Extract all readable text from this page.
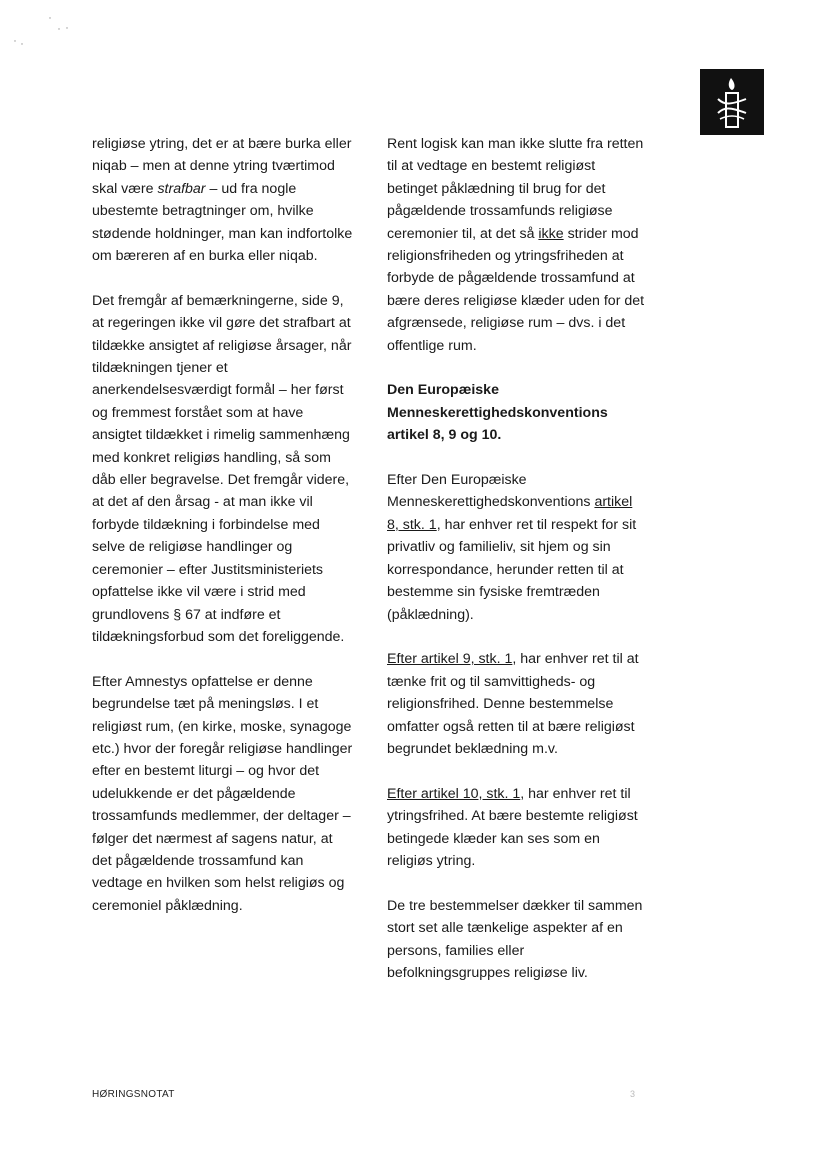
religiøse ytring, det er at bære burka eller niqab – men at denne ytring tværtimod skal være strafbar – ud fra nogle ubestemte betragtninger om, hvilke stødende holdninger, man kan indfortolke om bæreren af en burka eller niqab.

Det fremgår af bemærkningerne, side 9, at regeringen ikke vil gøre det strafbart at tildække ansigtet af religiøse årsager, når tildækningen tjener et anerkendelsesværdigt formål – her først og fremmest forstået som at have ansigtet tildækket i rimelig sammenhæng med konkret religiøs handling, så som dåb eller begravelse. Det fremgår videre, at det af den årsag - at man ikke vil forbyde tildækning i forbindelse med selve de religiøse handlinger og ceremonier – efter Justitsministeriets opfattelse ikke vil være i strid med grundlovens § 67 at indføre et tildækningsforbud som det foreliggende.

Efter Amnestys opfattelse er denne begrundelse tæt på meningsløs. I et religiøst rum, (en kirke, moske, synagoge etc.) hvor der foregår religiøse handlinger efter en bestemt liturgi – og hvor det udelukkende er det pågældende trossamfunds medlemmer, der deltager – følger det nærmest af sagens natur, at det pågældende trossamfund kan vedtage en hvilken som helst religiøs og ceremoniel påklædning.

Rent logisk kan man ikke slutte fra retten til at vedtage en bestemt religiøst betinget påklædning til brug for det pågældende trossamfunds religiøse ceremonier til, at det så ikke strider mod religionsfriheden og ytringsfriheden at forbyde de pågældende trossamfund at bære deres religiøse klæder uden for det afgrænsede, religiøse rum – dvs. i det offentlige rum.

Den Europæiske Menneskerettighedskonventions artikel 8, 9 og 10.

Efter Den Europæiske Menneskerettighedskonventions artikel 8, stk. 1, har enhver ret til respekt for sit privatliv og familieliv, sit hjem og sin korrespondance, herunder retten til at bestemme sin fysiske fremtræden (påklædning).

Efter artikel 9, stk. 1, har enhver ret til at tænke frit og til samvittigheds- og religionsfrihed. Denne bestemmelse omfatter også retten til at bære religiøst begrundet beklædning m.v.

Efter artikel 10, stk. 1, har enhver ret til ytringsfrihed. At bære bestemte religiøst betingede klæder kan ses som en religiøs ytring.

De tre bestemmelser dækker til sammen stort set alle tænkelige aspekter af en persons, families eller befolkningsgruppes religiøse liv.

HØRINGSNOTAT	3
